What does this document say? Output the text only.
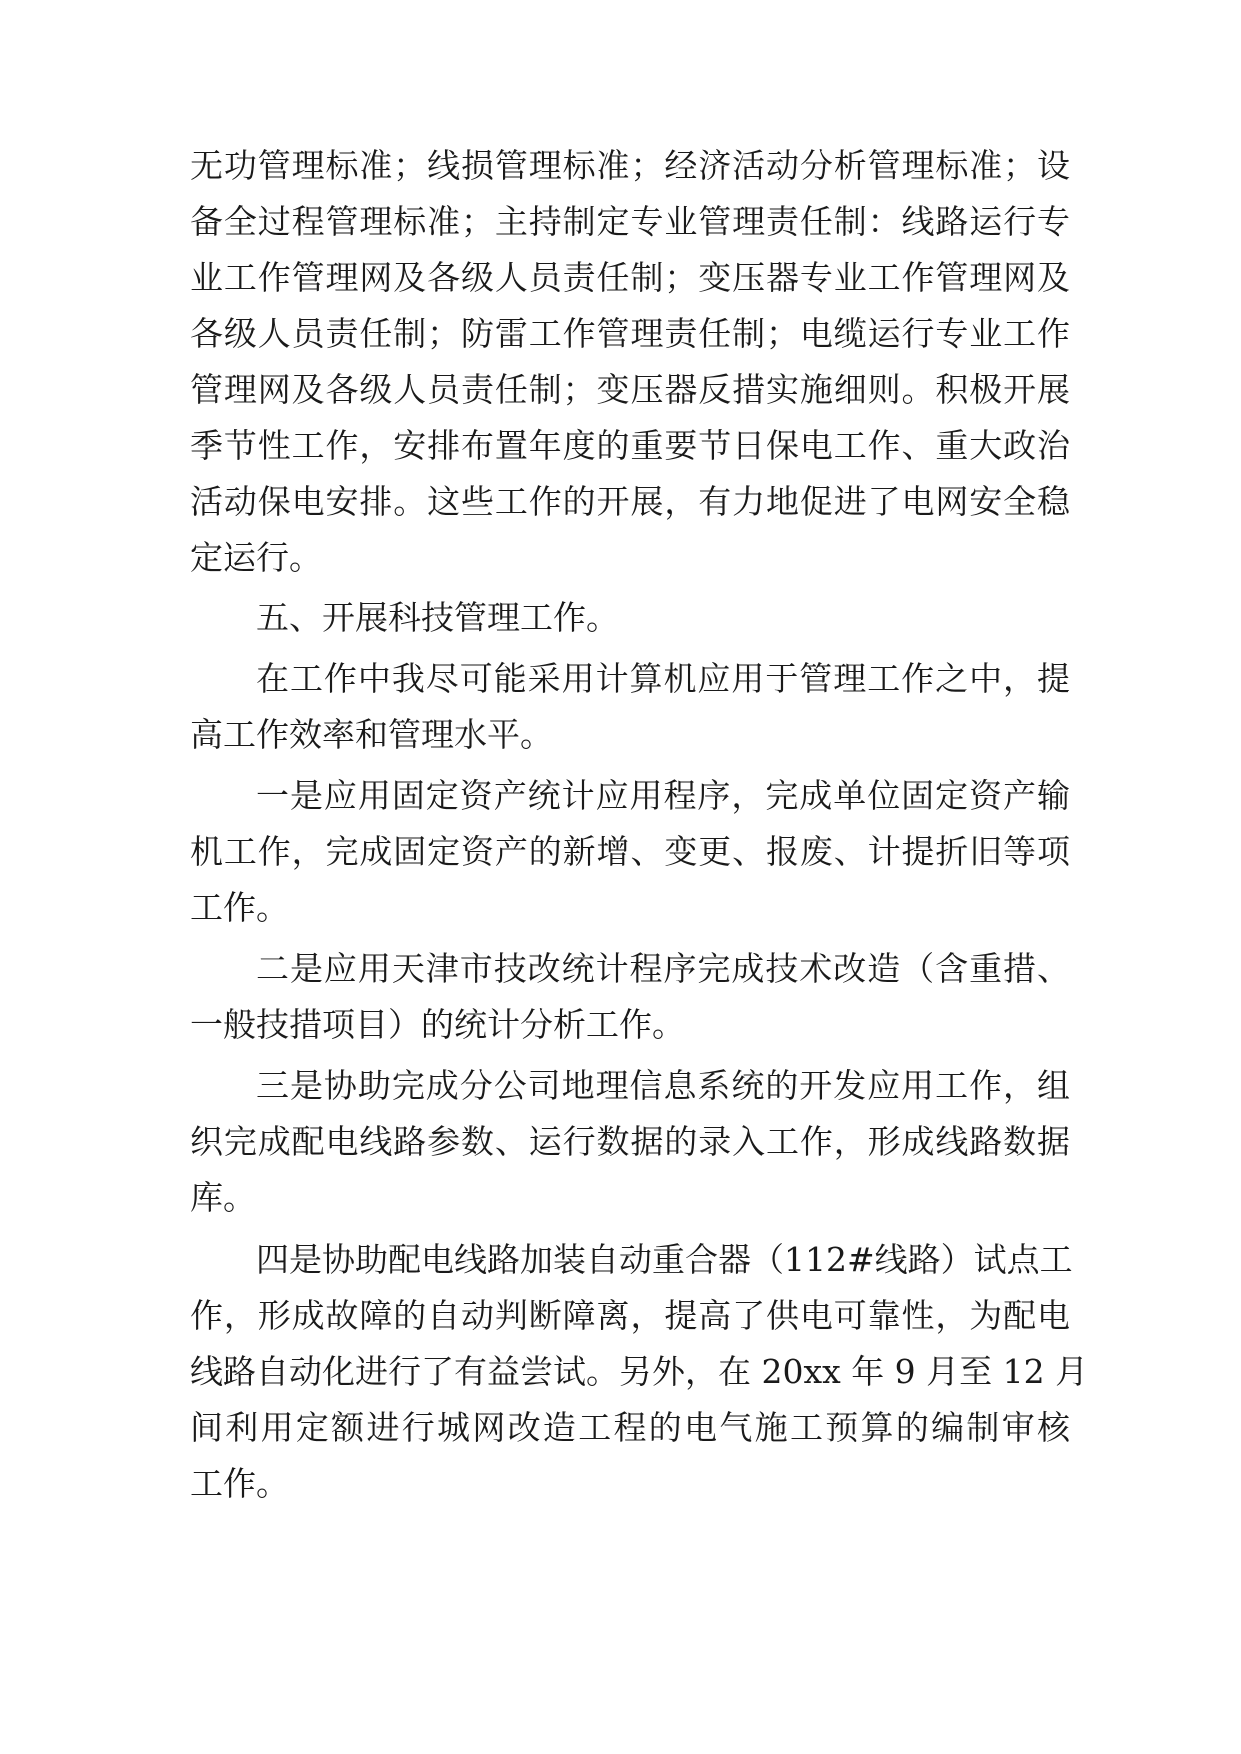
无功管理标准；线损管理标准；经济活动分析管理标准；设
备全过程管理标准；主持制定专业管理责任制：线路运行专
业工作管理网及各级人员责任制；变压器专业工作管理网及
各级人员责任制；防雷工作管理责任制；电缆运行专业工作
管理网及各级人员责任制；变压器反措实施细则。积极开展
季节性工作，安排布置年度的重要节日保电工作、重大政治
活动保电安排。这些工作的开展，有力地促进了电网安全稳
定运行。
五、开展科技管理工作。
在工作中我尽可能采用计算机应用于管理工作之中，提
高工作效率和管理水平。
一是应用固定资产统计应用程序，完成单位固定资产输
机工作，完成固定资产的新增、变更、报废、计提折旧等项
工作。
二是应用天津市技改统计程序完成技术改造（含重措、
一般技措项目）的统计分析工作。
三是协助完成分公司地理信息系统的开发应用工作，组
织完成配电线路参数、运行数据的录入工作，形成线路数据
库。
四是协助配电线路加装自动重合器（112#线路）试点工
作，形成故障的自动判断障离，提高了供电可靠性，为配电
线路自动化进行了有益尝试。另外，在 20xx 年 9 月至 12 月
间利用定额进行城网改造工程的电气施工预算的编制审核
工作。
